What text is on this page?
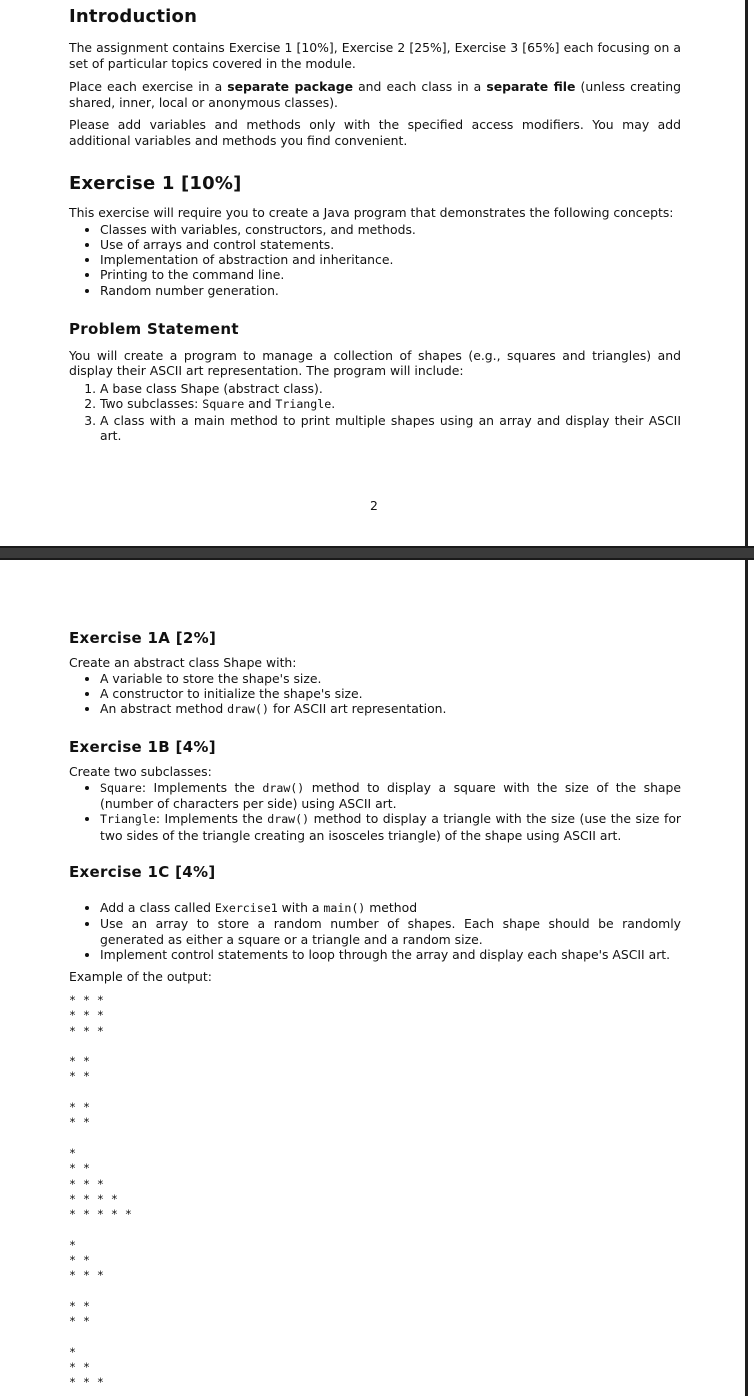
Introduction

The assignment contains Exercise 1 [10%], Exercise 2 [25%], Exercise 3 [65%] each focusing on a set of particular topics covered in the module.

Place each exercise in a separate package and each class in a separate file (unless creating shared, inner, local or anonymous classes).

Please add variables and methods only with the specified access modifiers. You may add additional variables and methods you find convenient.

Exercise 1 [10%]

This exercise will require you to create a Java program that demonstrates the following concepts:

• Classes with variables, constructors, and methods.
• Use of arrays and control statements.
• Implementation of abstraction and inheritance.
• Printing to the command line.
• Random number generation.
Problem Statement

You will create a program to manage a collection of shapes (e.g., squares and triangles) and display their ASCII art representation. The program will include:

1. A base class Shape (abstract class).
2. Two subclasses: Square and Triangle.
3. A class with a main method to print multiple shapes using an array and display their ASCII art.
2
Exercise 1A [2%]

Create an abstract class Shape with:

• A variable to store the shape's size.
• A constructor to initialize the shape's size.
• An abstract method draw() for ASCII art representation.
Exercise 1B [4%]

Create two subclasses:

• Square: Implements the draw() method to display a square with the size of the shape (number of characters per side) using ASCII art.
• Triangle: Implements the draw() method to display a triangle with the size (use the size for two sides of the triangle creating an isosceles triangle) of the shape using ASCII art.
Exercise 1C [4%]
• Add a class called Exercise1 with a main() method
• Use an array to store a random number of shapes. Each shape should be randomly generated as either a square or a triangle and a random size.
• Implement control statements to loop through the array and display each shape's ASCII art.

Example of the output:

* * *
* * *
* * *

* *
* *

* *
* *

*
* *
* * *
* * * *
* * * * *

*
* *
* * *

* *
* *

*
* *
* * *
